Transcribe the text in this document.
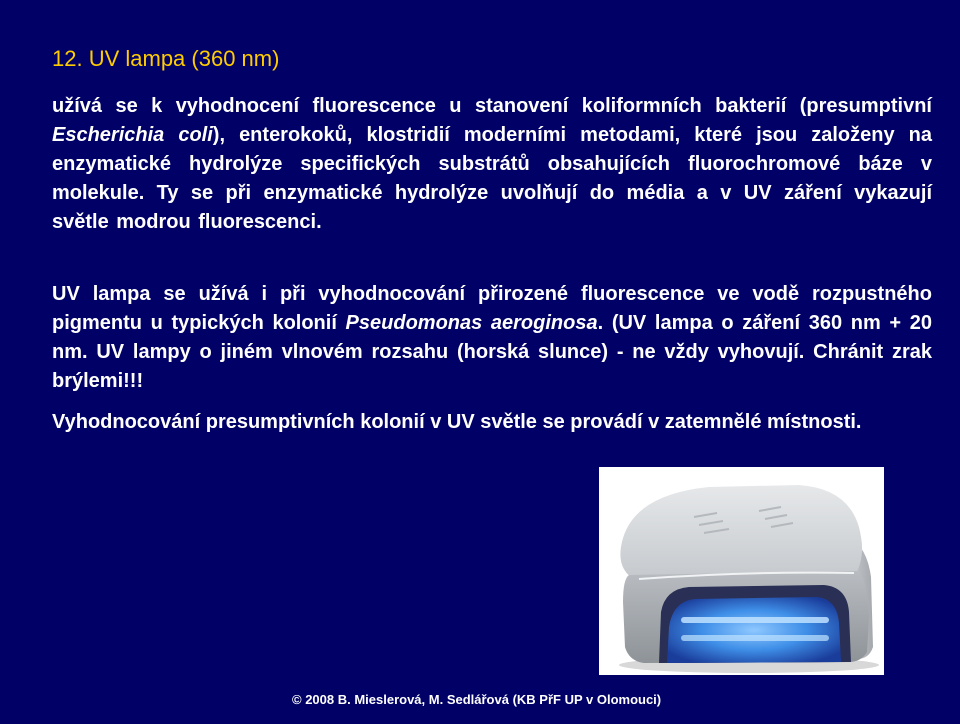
12. UV lampa (360 nm)

užívá se k vyhodnocení fluorescence u stanovení koliformních bakterií (presumptivní Escherichia coli), enterokoků, klostridií moderními metodami, které jsou založeny na enzymatické hydrolýze specifických substrátů obsahujících fluorochromové báze v molekule. Ty se při enzymatické hydrolýze uvolňují do média a v UV záření vykazují světle modrou fluorescenci.

UV lampa se užívá i při vyhodnocování přirozené fluorescence ve vodě rozpustného pigmentu u typických kolonií Pseudomonas aeroginosa. (UV lampa o záření 360 nm + 20 nm. UV lampy o jiném vlnovém rozsahu (horská slunce) - ne vždy vyhovují. Chránit zrak brýlemi!!!

Vyhodnocování presumptivních kolonií v UV světle se provádí v zatemnělé místnosti.

© 2008 B. Mieslerová, M. Sedlářová (KB PřF UP v Olomouci)
